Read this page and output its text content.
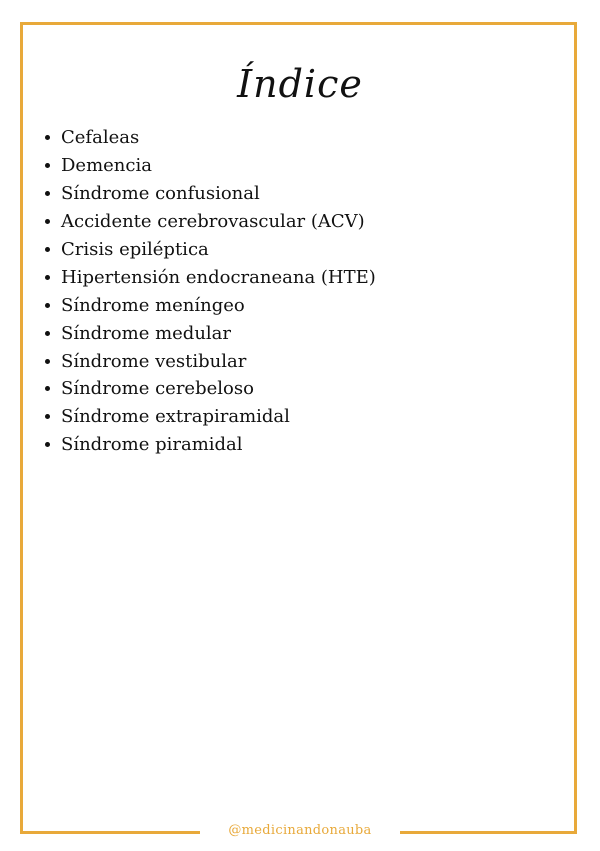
Índice
Cefaleas
Demencia
Síndrome confusional
Accidente cerebrovascular (ACV)
Crisis epiléptica
Hipertensión endocraneana (HTE)
Síndrome meníngeo
Síndrome medular
Síndrome vestibular
Síndrome cerebeloso
Síndrome extrapiramidal
Síndrome piramidal
@medicinandonauba
